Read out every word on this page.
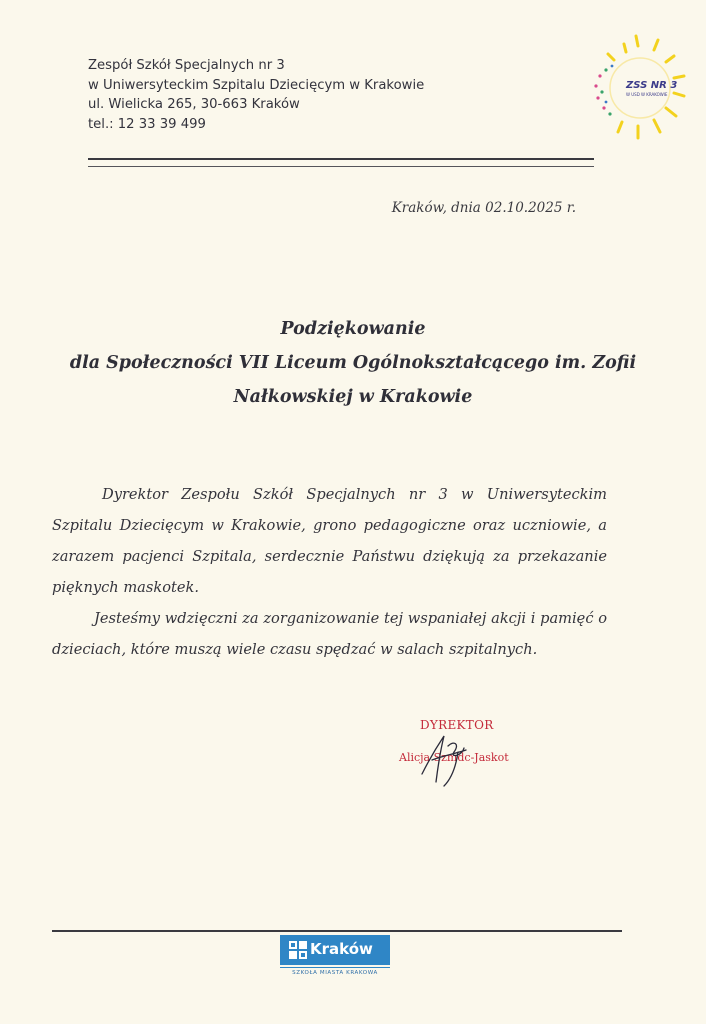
Zespół Szkół Specjalnych nr 3
w Uniwersyteckim Szpitalu Dziecięcym w Krakowie
ul. Wielicka 265, 30-663 Kraków
tel.: 12 33 39 499
ZSS NR 3
W USD W KRAKOWIE
Kraków, dnia 02.10.2025 r.
Podziękowanie
dla Społeczności VII Liceum Ogólnokształcącego im. Zofii
Nałkowskiej w Krakowie

Dyrektor Zespołu Szkół Specjalnych nr 3 w Uniwersyteckim Szpitalu Dziecięcym w Krakowie, grono pedagogiczne oraz uczniowie, a zarazem pacjenci Szpitala, serdecznie Państwu dziękują za przekazanie pięknych maskotek.

Jesteśmy wdzięczni za zorganizowanie tej wspaniałej akcji i pamięć o dzieciach, które muszą wiele czasu spędzać w salach szpitalnych.

DYREKTOR
Alicja Szmdc-Jaskot
Kraków
SZKOŁA MIASTA KRAKOWA
